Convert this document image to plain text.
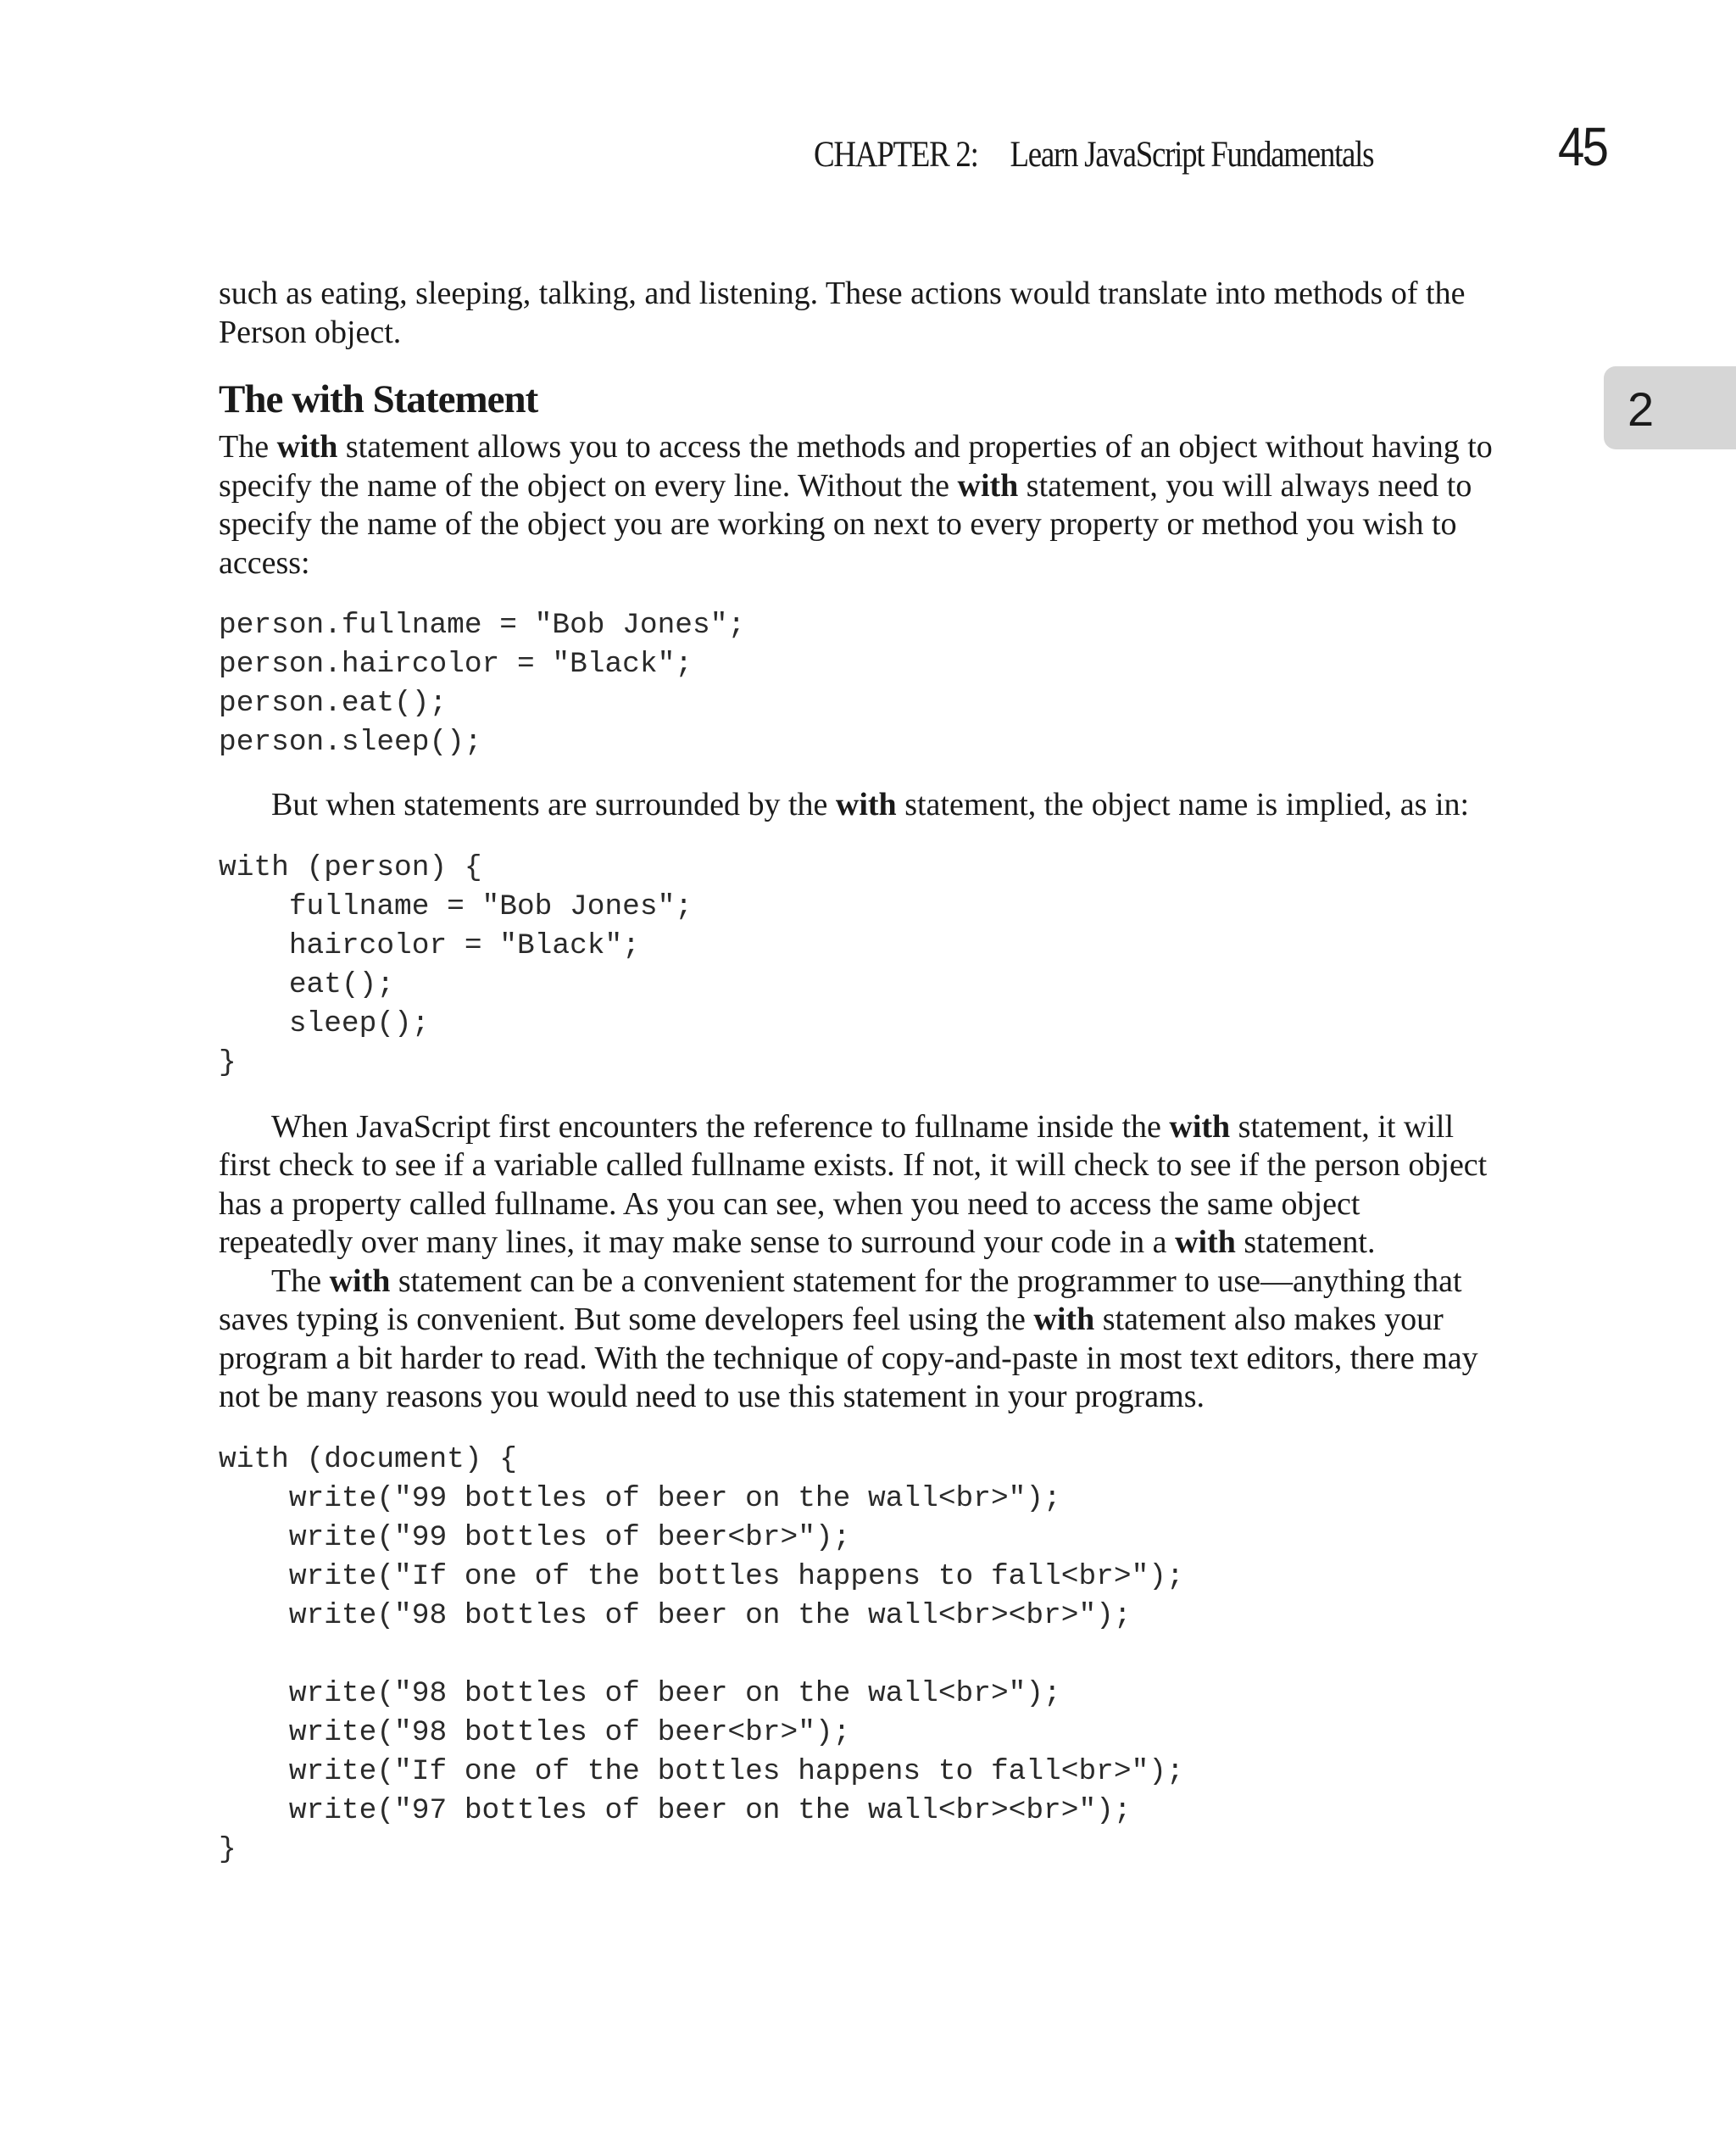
CHAPTER 2: Learn JavaScript Fundamentals	45
2

such as eating, sleeping, talking, and listening. These actions would translate into methods of the Person object.

The with Statement

The with statement allows you to access the methods and properties of an object without having to specify the name of the object on every line. Without the with statement, you will always need to specify the name of the object you are working on next to every property or method you wish to access:

person.fullname = "Bob Jones";
person.haircolor = "Black";
person.eat();
person.sleep();

But when statements are surrounded by the with statement, the object name is implied, as in:

with (person) {
fullname = "Bob Jones";
haircolor = "Black";
eat();
sleep();
}

When JavaScript first encounters the reference to fullname inside the with statement, it will first check to see if a variable called fullname exists. If not, it will check to see if the person object has a property called fullname. As you can see, when you need to access the same object repeatedly over many lines, it may make sense to surround your code in a with statement.

The with statement can be a convenient statement for the programmer to use—anything that saves typing is convenient. But some developers feel using the with statement also makes your program a bit harder to read. With the technique of copy-and-paste in most text editors, there may not be many reasons you would need to use this statement in your programs.

with (document) {
write("99 bottles of beer on the wall<br>");
write("99 bottles of beer<br>");
write("If one of the bottles happens to fall<br>");
write("98 bottles of beer on the wall<br><br>");

write("98 bottles of beer on the wall<br>");
write("98 bottles of beer<br>");
write("If one of the bottles happens to fall<br>");
write("97 bottles of beer on the wall<br><br>");
}
